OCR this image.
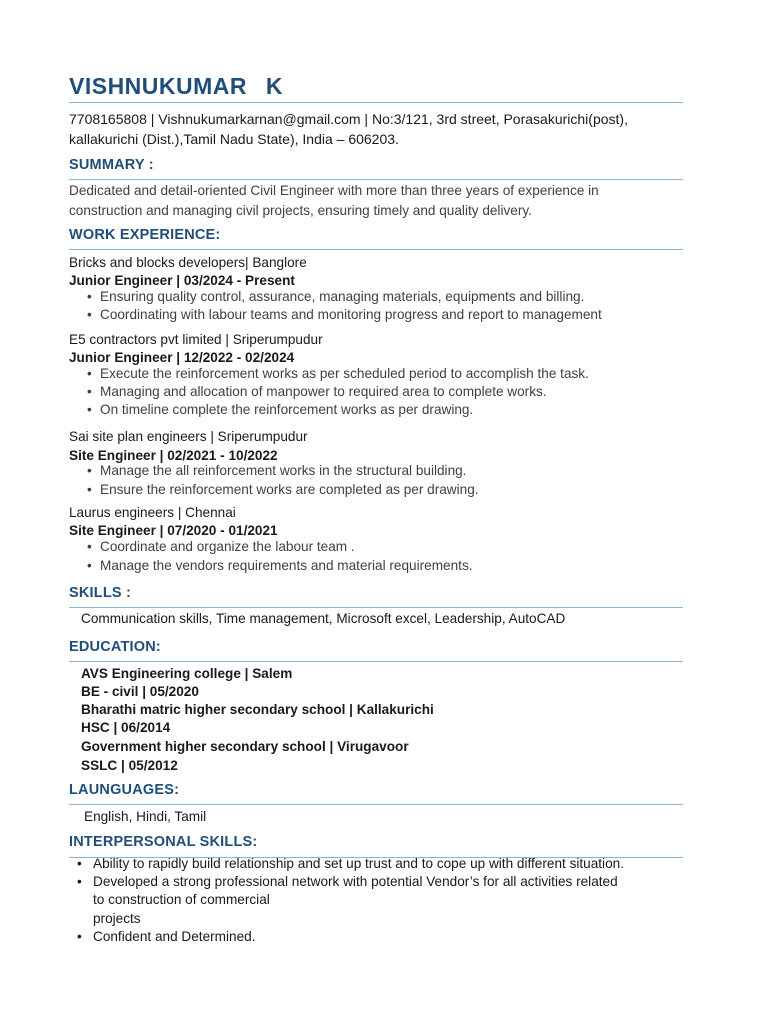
VISHNUKUMAR K
7708165808 | Vishnukumarkarnan@gmail.com | No:3/121, 3rd street, Porasakurichi(post),
kallakurichi (Dist.),Tamil Nadu State), India – 606203.
SUMMARY :
Dedicated and detail-oriented Civil Engineer with more than three years of experience in
construction and managing civil projects, ensuring timely and quality delivery.
WORK EXPERIENCE:
Bricks and blocks developers| Banglore
Junior Engineer | 03/2024 - Present
• Ensuring quality control, assurance, managing materials, equipments and billing.
• Coordinating with labour teams and monitoring progress and report to management
E5 contractors pvt limited | Sriperumpudur
Junior Engineer | 12/2022 - 02/2024
• Execute the reinforcement works as per scheduled period to accomplish the task.
• Managing and allocation of manpower to required area to complete works.
• On timeline complete the reinforcement works as per drawing.
Sai site plan engineers | Sriperumpudur
Site Engineer | 02/2021 - 10/2022
• Manage the all reinforcement works in the structural building.
• Ensure the reinforcement works are completed as per drawing.
Laurus engineers | Chennai
Site Engineer | 07/2020 - 01/2021
• Coordinate and organize the labour team .
• Manage the vendors requirements and material requirements.
SKILLS :
Communication skills, Time management, Microsoft excel, Leadership, AutoCAD
EDUCATION:
AVS Engineering college | Salem
BE - civil | 05/2020
Bharathi matric higher secondary school | Kallakurichi
HSC | 06/2014
Government higher secondary school | Virugavoor
SSLC | 05/2012
LAUNGUAGES:
English, Hindi, Tamil
INTERPERSONAL SKILLS:
• Ability to rapidly build relationship and set up trust and to cope up with different situation.
• Developed a strong professional network with potential Vendor’s for all activities related
to construction of commercial
projects
• Confident and Determined.
